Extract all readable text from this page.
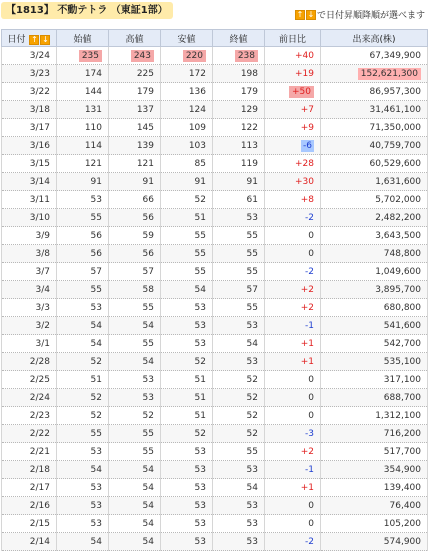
【1813】 不動テトラ （東証1部）	↑ ↓ で日付昇順降順が選べます
日付 ↑ ↓	始値	高値	安値	終値	前日比	出来高(株)
3/24	235	243	220	238	+40	67,349,900
3/23	174	225	172	198	+19	152,621,300
3/22	144	179	136	179	+50	86,957,300
3/18	131	137	124	129	+7	31,461,100
3/17	110	145	109	122	+9	71,350,000
3/16	114	139	103	113	-6	40,759,700
3/15	121	121	85	119	+28	60,529,600
3/14	91	91	91	91	+30	1,631,600
3/11	53	66	52	61	+8	5,702,000
3/10	55	56	51	53	-2	2,482,200
3/9	56	59	55	55	0	3,643,500
3/8	56	56	55	55	0	748,800
3/7	57	57	55	55	-2	1,049,600
3/4	55	58	54	57	+2	3,895,700
3/3	53	55	53	55	+2	680,800
3/2	54	54	53	53	-1	541,600
3/1	54	55	53	54	+1	542,700
2/28	52	54	52	53	+1	535,100
2/25	51	53	51	52	0	317,100
2/24	52	53	51	52	0	688,700
2/23	52	52	51	52	0	1,312,100
2/22	55	55	52	52	-3	716,200
2/21	53	55	53	55	+2	517,700
2/18	54	54	53	53	-1	354,900
2/17	53	54	53	54	+1	139,400
2/16	53	54	53	53	0	76,400
2/15	53	54	53	53	0	105,200
2/14	54	54	53	53	-2	574,900
